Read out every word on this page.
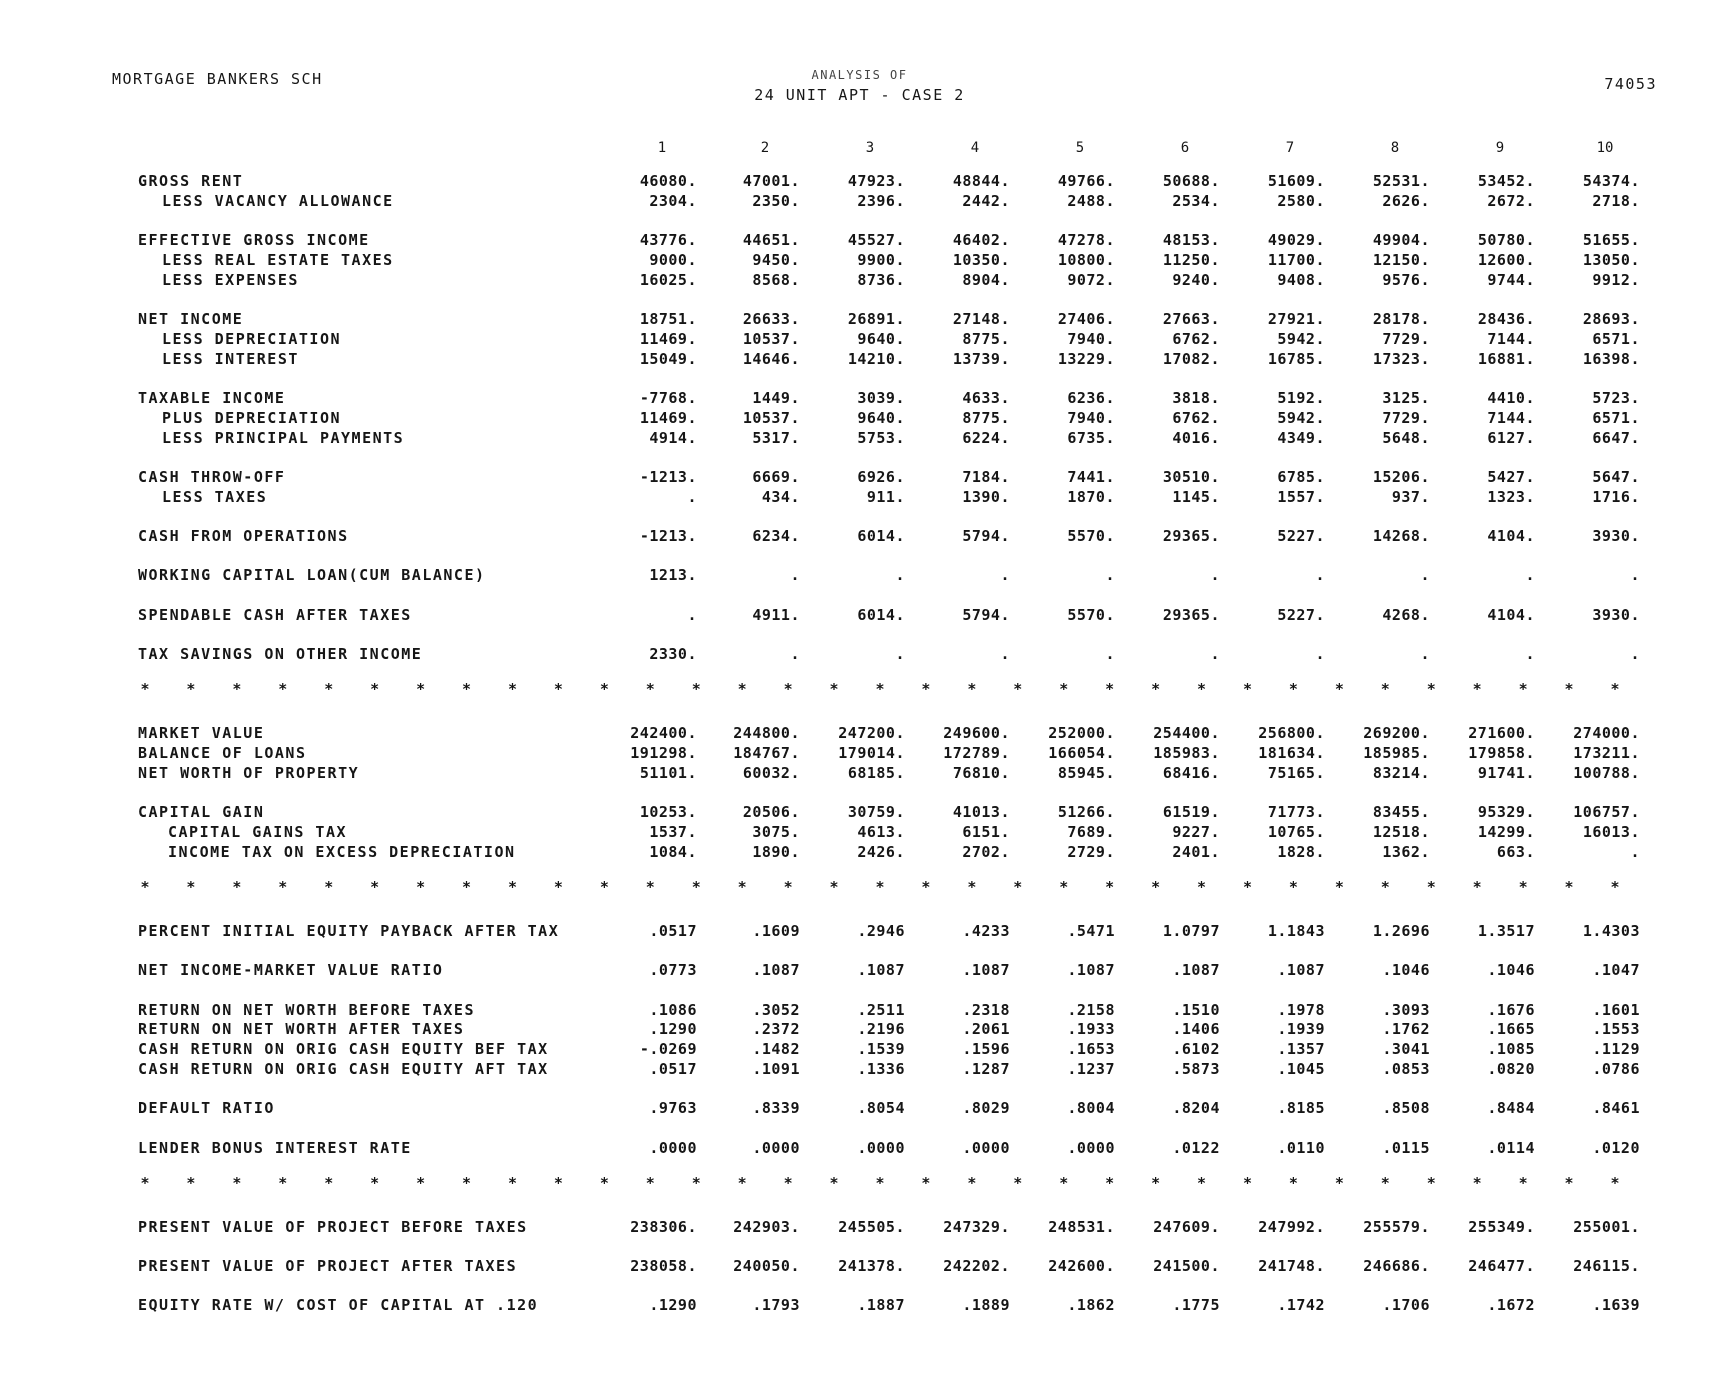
MORTGAGE BANKERS SCH	ANALYSIS OF
24 UNIT APT - CASE 2
74053
1	2	3	4	5	6	7	8	9	10
GROSS RENT	46080.	47001.	47923.	48844.	49766.	50688.	51609.	52531.	53452.	54374.
LESS VACANCY ALLOWANCE	2304.	2350.	2396.	2442.	2488.	2534.	2580.	2626.	2672.	2718.
EFFECTIVE GROSS INCOME	43776.	44651.	45527.	46402.	47278.	48153.	49029.	49904.	50780.	51655.
LESS REAL ESTATE TAXES	9000.	9450.	9900.	10350.	10800.	11250.	11700.	12150.	12600.	13050.
LESS EXPENSES	16025.	8568.	8736.	8904.	9072.	9240.	9408.	9576.	9744.	9912.
NET INCOME	18751.	26633.	26891.	27148.	27406.	27663.	27921.	28178.	28436.	28693.
LESS DEPRECIATION	11469.	10537.	9640.	8775.	7940.	6762.	5942.	7729.	7144.	6571.
LESS INTEREST	15049.	14646.	14210.	13739.	13229.	17082.	16785.	17323.	16881.	16398.
TAXABLE INCOME	-7768.	1449.	3039.	4633.	6236.	3818.	5192.	3125.	4410.	5723.
PLUS DEPRECIATION	11469.	10537.	9640.	8775.	7940.	6762.	5942.	7729.	7144.	6571.
LESS PRINCIPAL PAYMENTS	4914.	5317.	5753.	6224.	6735.	4016.	4349.	5648.	6127.	6647.
CASH THROW-OFF	-1213.	6669.	6926.	7184.	7441.	30510.	6785.	15206.	5427.	5647.
LESS TAXES	.	434.	911.	1390.	1870.	1145.	1557.	937.	1323.	1716.
CASH FROM OPERATIONS	-1213.	6234.	6014.	5794.	5570.	29365.	5227.	14268.	4104.	3930.
WORKING CAPITAL LOAN(CUM BALANCE)	1213.	.	.	.	.	.	.	.	.	.
SPENDABLE CASH AFTER TAXES	.	4911.	6014.	5794.	5570.	29365.	5227.	4268.	4104.	3930.
TAX SAVINGS ON OTHER INCOME	2330.	.	.	.	.	.	.	.	.	.
* * * * * * * * * * * * * * * * * * * * * * * * * * * * * * * * *
MARKET VALUE	242400.	244800.	247200.	249600.	252000.	254400.	256800.	269200.	271600.	274000.
BALANCE OF LOANS	191298.	184767.	179014.	172789.	166054.	185983.	181634.	185985.	179858.	173211.
NET WORTH OF PROPERTY	51101.	60032.	68185.	76810.	85945.	68416.	75165.	83214.	91741.	100788.
CAPITAL GAIN	10253.	20506.	30759.	41013.	51266.	61519.	71773.	83455.	95329.	106757.
CAPITAL GAINS TAX	1537.	3075.	4613.	6151.	7689.	9227.	10765.	12518.	14299.	16013.
INCOME TAX ON EXCESS DEPRECIATION	1084.	1890.	2426.	2702.	2729.	2401.	1828.	1362.	663.	.
* * * * * * * * * * * * * * * * * * * * * * * * * * * * * * * * *
PERCENT INITIAL EQUITY PAYBACK AFTER TAX	.0517	.1609	.2946	.4233	.5471	1.0797	1.1843	1.2696	1.3517	1.4303
NET INCOME-MARKET VALUE RATIO	.0773	.1087	.1087	.1087	.1087	.1087	.1087	.1046	.1046	.1047
RETURN ON NET WORTH BEFORE TAXES	.1086	.3052	.2511	.2318	.2158	.1510	.1978	.3093	.1676	.1601
RETURN ON NET WORTH AFTER TAXES	.1290	.2372	.2196	.2061	.1933	.1406	.1939	.1762	.1665	.1553
CASH RETURN ON ORIG CASH EQUITY BEF TAX	-.0269	.1482	.1539	.1596	.1653	.6102	.1357	.3041	.1085	.1129
CASH RETURN ON ORIG CASH EQUITY AFT TAX	.0517	.1091	.1336	.1287	.1237	.5873	.1045	.0853	.0820	.0786
DEFAULT RATIO	.9763	.8339	.8054	.8029	.8004	.8204	.8185	.8508	.8484	.8461
LENDER BONUS INTEREST RATE	.0000	.0000	.0000	.0000	.0000	.0122	.0110	.0115	.0114	.0120
* * * * * * * * * * * * * * * * * * * * * * * * * * * * * * * * *
PRESENT VALUE OF PROJECT BEFORE TAXES	238306.	242903.	245505.	247329.	248531.	247609.	247992.	255579.	255349.	255001.
PRESENT VALUE OF PROJECT AFTER TAXES	238058.	240050.	241378.	242202.	242600.	241500.	241748.	246686.	246477.	246115.
EQUITY RATE W/ COST OF CAPITAL AT .120	.1290	.1793	.1887	.1889	.1862	.1775	.1742	.1706	.1672	.1639
